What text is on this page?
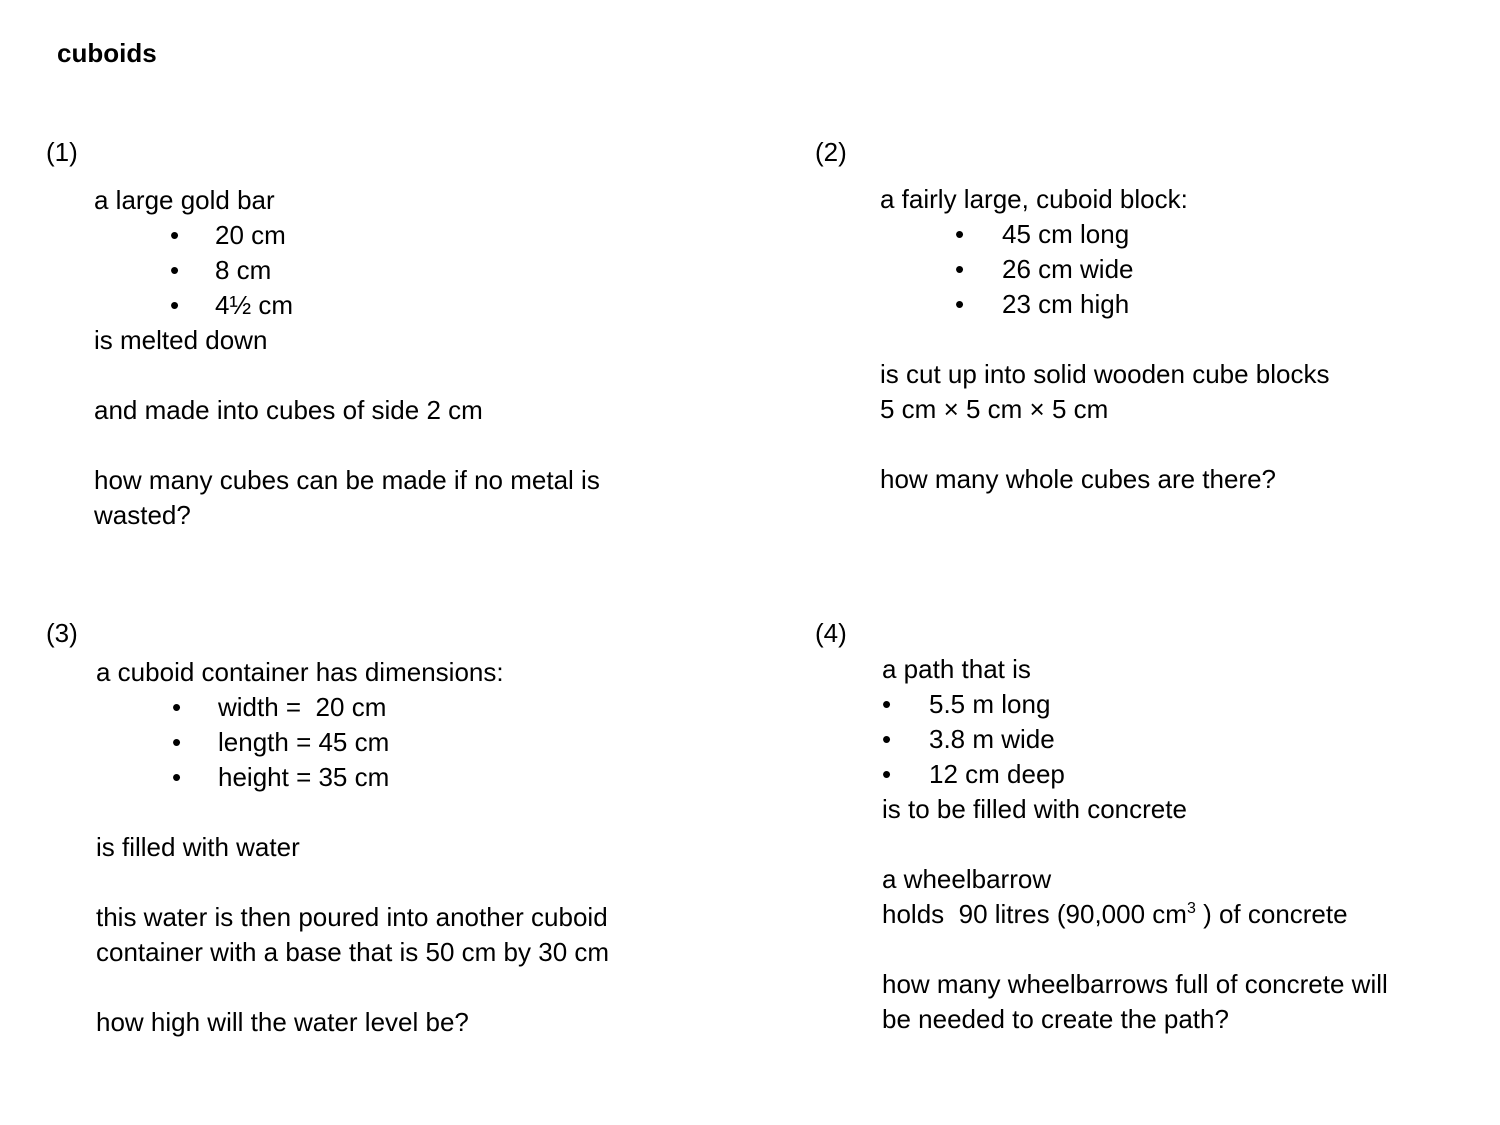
cuboids
(1)
a large gold bar
• 20 cm
• 8 cm
• 4½ cm
is melted down
and made into cubes of side 2 cm
how many cubes can be made if no metal is
wasted?
(2)
a fairly large, cuboid block:
• 45 cm long
• 26 cm wide
• 23 cm high
is cut up into solid wooden cube blocks
5 cm × 5 cm × 5 cm
how many whole cubes are there?
(3)
a cuboid container has dimensions:
• width =  20 cm
• length = 45 cm
• height = 35 cm
is filled with water
this water is then poured into another cuboid
container with a base that is 50 cm by 30 cm
how high will the water level be?
(4)
a path that is
• 5.5 m long
• 3.8 m wide
• 12 cm deep
is to be filled with concrete
a wheelbarrow
holds  90 litres (90,000 $cm^3$ ) of concrete
how many wheelbarrows full of concrete will
be needed to create the path?
